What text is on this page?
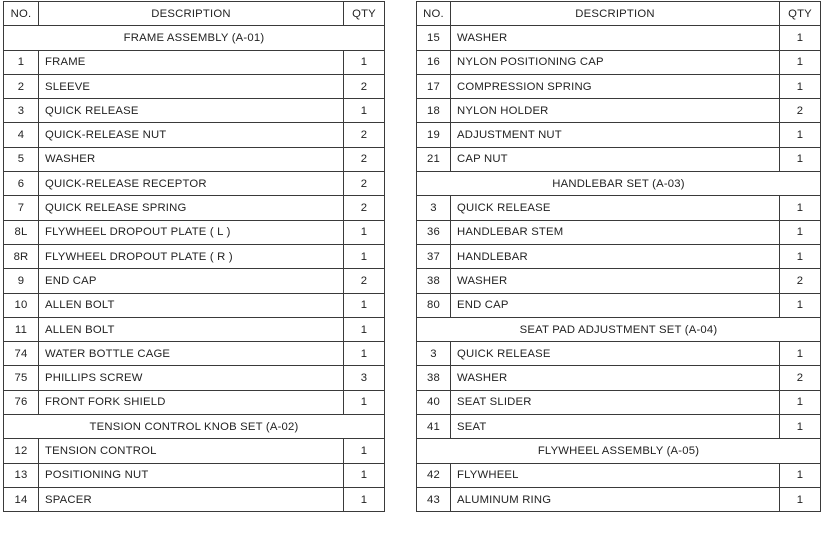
NO.	DESCRIPTION	QTY
FRAME ASSEMBLY (A-01)		
1	FRAME	1
2	SLEEVE	2
3	QUICK RELEASE	1
4	QUICK-RELEASE NUT	2
5	WASHER	2
6	QUICK-RELEASE RECEPTOR	2
7	QUICK RELEASE SPRING	2
8L	FLYWHEEL DROPOUT PLATE ( L )	1
8R	FLYWHEEL DROPOUT PLATE ( R )	1
9	END CAP	2
10	ALLEN BOLT	1
11	ALLEN BOLT	1
74	WATER BOTTLE CAGE	1
75	PHILLIPS SCREW	3
76	FRONT FORK SHIELD	1
TENSION CONTROL KNOB SET (A-02)		
12	TENSION CONTROL	1
13	POSITIONING NUT	1
14	SPACER	1
NO.	DESCRIPTION	QTY
15	WASHER	1
16	NYLON POSITIONING CAP	1
17	COMPRESSION SPRING	1
18	NYLON HOLDER	2
19	ADJUSTMENT NUT	1
21	CAP NUT	1
HANDLEBAR SET (A-03)		
3	QUICK RELEASE	1
36	HANDLEBAR STEM	1
37	HANDLEBAR	1
38	WASHER	2
80	END CAP	1
SEAT PAD ADJUSTMENT SET (A-04)		
3	QUICK RELEASE	1
38	WASHER	2
40	SEAT SLIDER	1
41	SEAT	1
FLYWHEEL ASSEMBLY (A-05)		
42	FLYWHEEL	1
43	ALUMINUM RING	1
